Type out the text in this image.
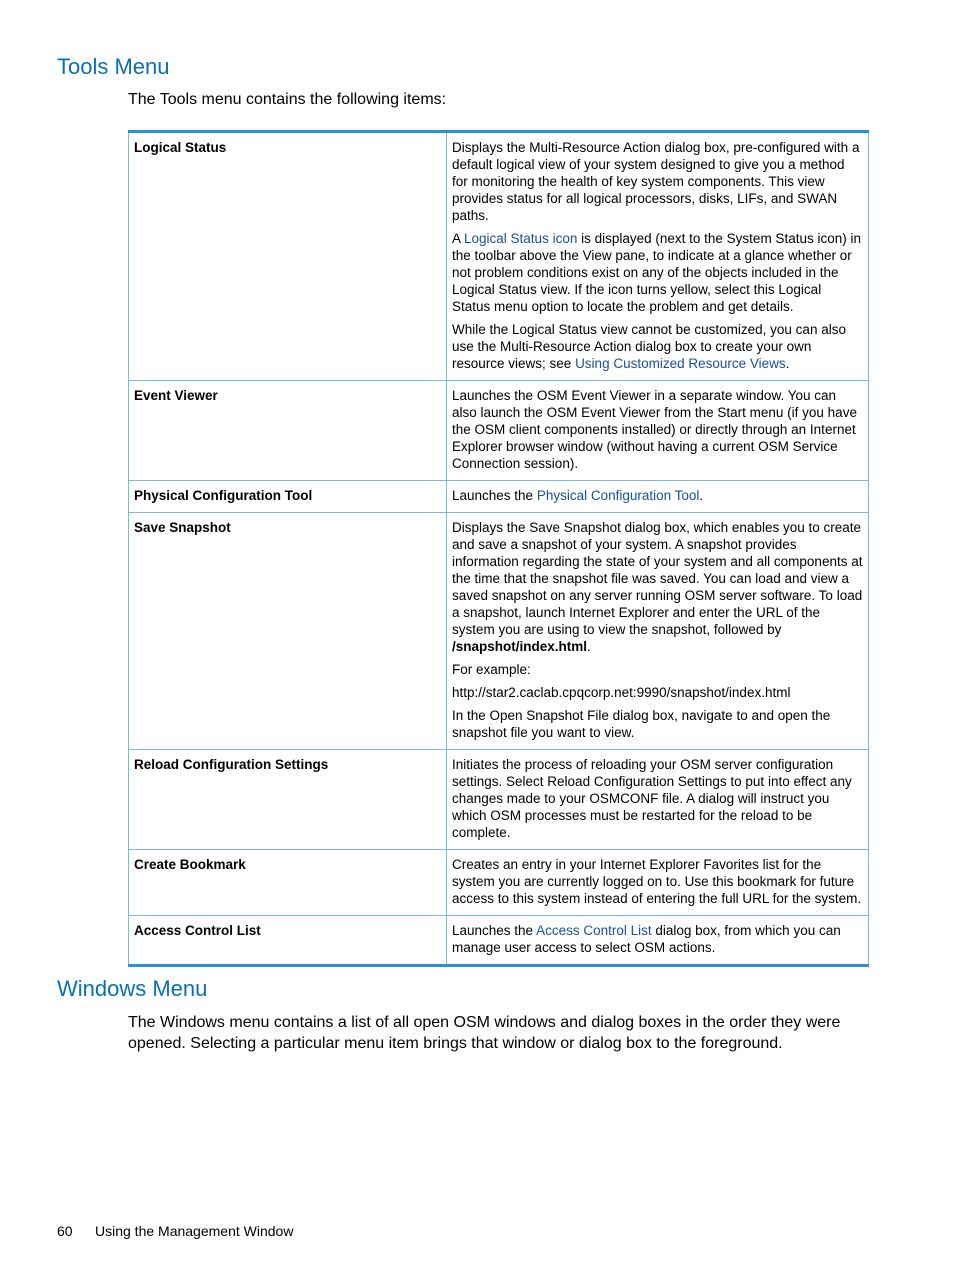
Tools Menu

The Tools menu contains the following items:

Logical Status	Displays the Multi-Resource Action dialog box, pre-configured with a default logical view of your system designed to give you a method for monitoring the health of key system components. This view provides status for all logical processors, disks, LIFs, and SWAN paths.

A Logical Status icon is displayed (next to the System Status icon) in the toolbar above the View pane, to indicate at a glance whether or not problem conditions exist on any of the objects included in the Logical Status view. If the icon turns yellow, select this Logical Status menu option to locate the problem and get details.

While the Logical Status view cannot be customized, you can also use the Multi-Resource Action dialog box to create your own resource views; see Using Customized Resource Views.

Event Viewer	Launches the OSM Event Viewer in a separate window. You can also launch the OSM Event Viewer from the Start menu (if you have the OSM client components installed) or directly through an Internet Explorer browser window (without having a current OSM Service Connection session).

Physical Configuration Tool	Launches the Physical Configuration Tool.

Save Snapshot	Displays the Save Snapshot dialog box, which enables you to create and save a snapshot of your system. A snapshot provides information regarding the state of your system and all components at the time that the snapshot file was saved. You can load and view a saved snapshot on any server running OSM server software. To load a snapshot, launch Internet Explorer and enter the URL of the system you are using to view the snapshot, followed by /snapshot/index.html.

For example:

http://star2.caclab.cpqcorp.net:9990/snapshot/index.html

In the Open Snapshot File dialog box, navigate to and open the snapshot file you want to view.

Reload Configuration Settings	Initiates the process of reloading your OSM server configuration settings. Select Reload Configuration Settings to put into effect any changes made to your OSMCONF file. A dialog will instruct you which OSM processes must be restarted for the reload to be complete.

Create Bookmark	Creates an entry in your Internet Explorer Favorites list for the system you are currently logged on to. Use this bookmark for future access to this system instead of entering the full URL for the system.

Access Control List	Launches the Access Control List dialog box, from which you can manage user access to select OSM actions.

Windows Menu

The Windows menu contains a list of all open OSM windows and dialog boxes in the order they were opened. Selecting a particular menu item brings that window or dialog box to the foreground.

60 Using the Management Window
